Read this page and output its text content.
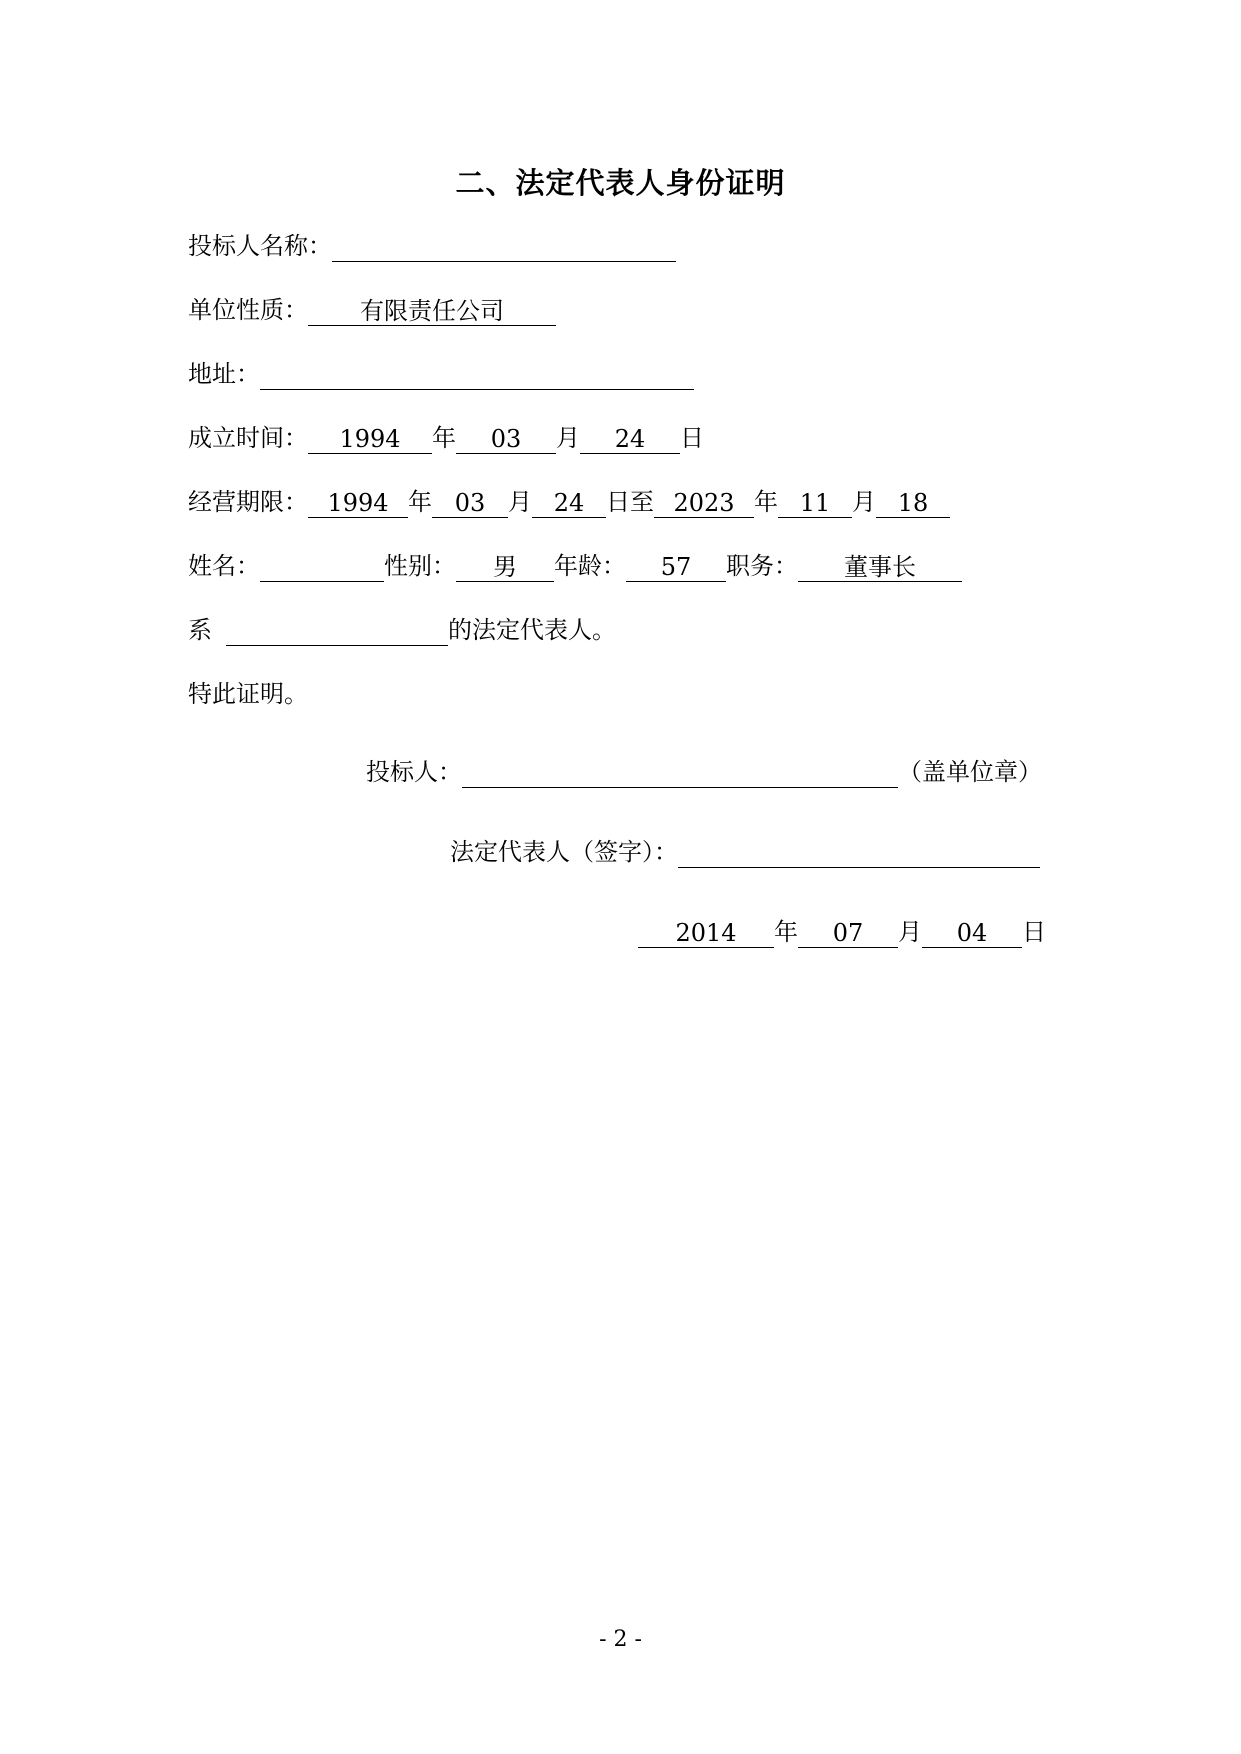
二、法定代表人身份证明
投标人名称：
单位性质：	有限责任公司
地址：
成立时间：	1994	年	03	月	24	日
经营期限： 1994 年 03 月 24 日至 2023 年 11 月 18
姓名：	性别：	男	年龄：	57	职务：	董事长
系	的法定代表人。
特此证明。
投标人：	（盖单位章）
法定代表人（签字）：
2014	年	07	月	04	日
- 2 -
